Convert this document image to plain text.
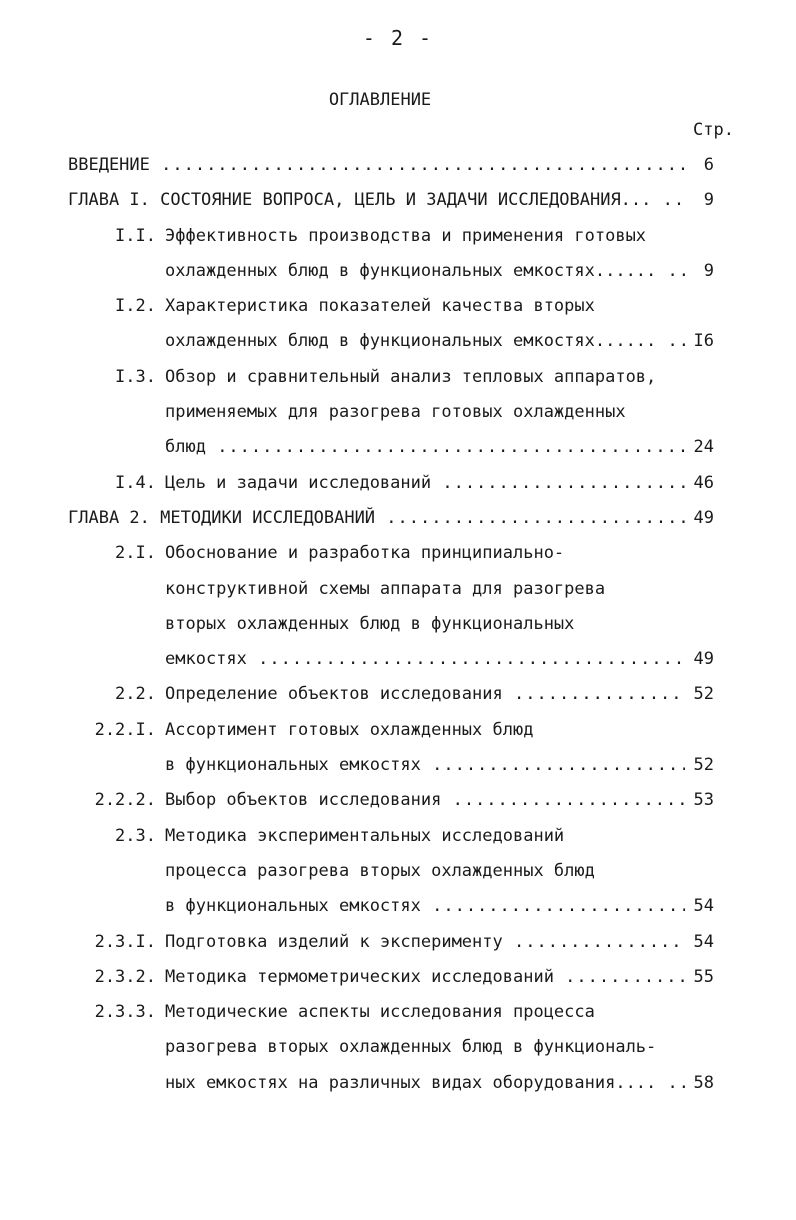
- 2 -
ОГЛАВЛЕНИЕ
Стр.
ВВЕДЕНИЕ .....	6
ГЛАВА I. СОСТОЯНИЕ ВОПРОСА, ЦЕЛЬ И ЗАДАЧИ ИССЛЕДОВАНИЯ... .....	9
I.I. Эффективность производства и применения готовых
охлажденных блюд в функциональных емкостях...... .....	9
I.2. Характеристика показателей качества вторых
охлажденных блюд в функциональных емкостях...... .....	I6
I.3. Обзор и сравнительный анализ тепловых аппаратов,
применяемых для разогрева готовых охлажденных
блюд .....	24
I.4. Цель и задачи исследований .....	46
ГЛАВА 2. МЕТОДИКИ ИССЛЕДОВАНИЙ .....	49
2.I. Обоснование и разработка принципиально-
конструктивной схемы аппарата для разогрева
вторых охлажденных блюд в функциональных
емкостях .....	49
2.2. Определение объектов исследования .....	52
2.2.I. Ассортимент готовых охлажденных блюд
в функциональных емкостях .....	52
2.2.2. Выбор объектов исследования .....	53
2.3. Методика экспериментальных исследований
процесса разогрева вторых охлажденных блюд
в функциональных емкостях .....	54
2.3.I. Подготовка изделий к эксперименту .....	54
2.3.2. Методика термометрических исследований .....	55
2.3.3. Методические аспекты исследования процесса
разогрева вторых охлажденных блюд в функциональ-
ных емкостях на различных видах оборудования.... .....	58
